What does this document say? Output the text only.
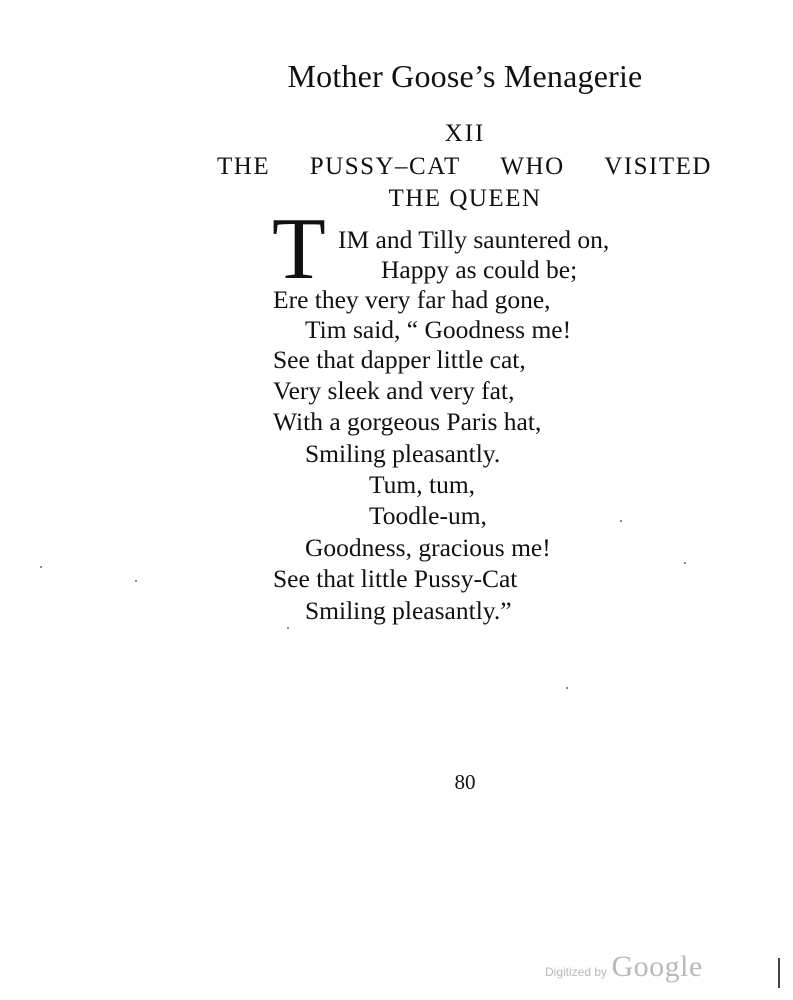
Mother Goose’s Menagerie
XII
THE PUSSY–CAT WHO VISITED
THE QUEEN
T IM and Tilly sauntered on,
Happy as could be;
Ere they very far had gone,
Tim said, “ Goodness me!
See that dapper little cat,
Very sleek and very fat,
With a gorgeous Paris hat,
Smiling pleasantly.
Tum, tum,
Toodle-um,
Goodness, gracious me!
See that little Pussy-Cat
Smiling pleasantly.”
80
Digitized by Google
